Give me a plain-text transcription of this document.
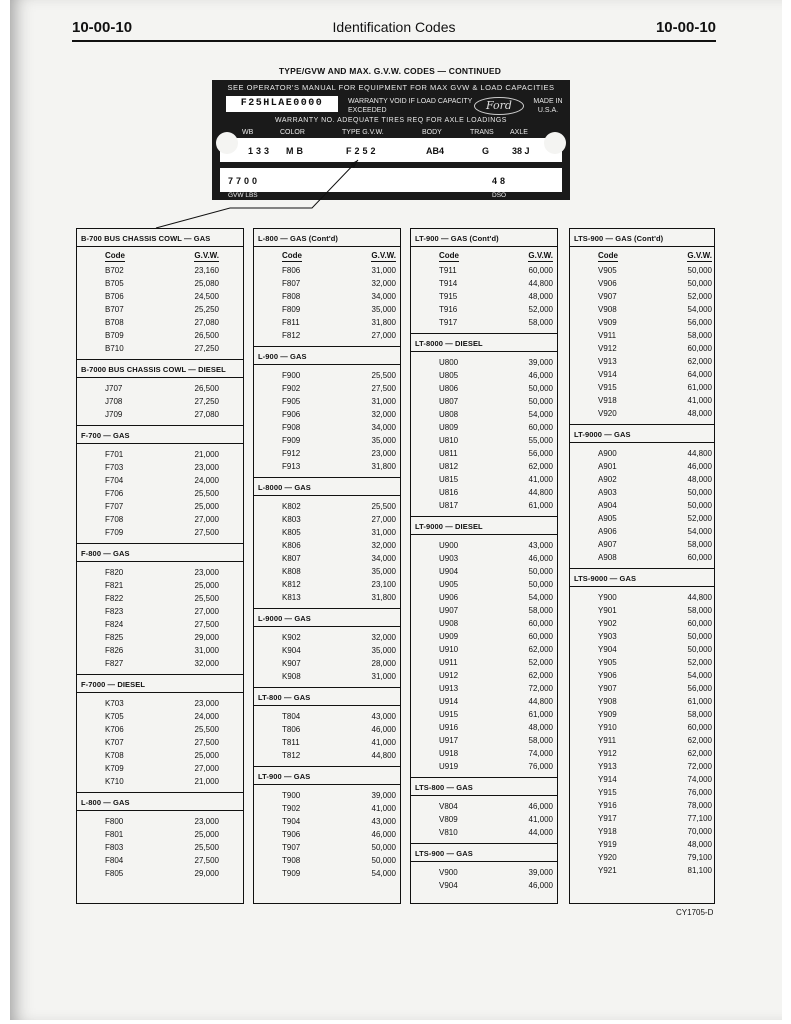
10-00-10	Identification Codes	10-00-10
TYPE/GVW AND MAX. G.V.W. CODES — CONTINUED
SEE OPERATOR'S MANUAL FOR EQUIPMENT FOR MAX GVW & LOAD CAPACITIES
F25HLAE0000	WARRANTY VOID IF LOAD CAPACITY EXCEEDED	Ford	MADE IN U.S.A.
WARRANTY NO. ADEQUATE TIRES REQ FOR AXLE LOADINGS
WB	COLOR	TYPE G.V.W.	BODY	TRANS AXLE
133 MB	F252	AB4	G	38 J
7700	48
GVW LBS	DSO
B-700 BUS CHASSIS COWL — GAS
Code	G.V.W.
B702	23,160
B705	25,080
B706	24,500
B707	25,250
B708	27,080
B709	26,500
B710	27,250
B-7000 BUS CHASSIS COWL — DIESEL
J707	26,500
J708	27,250
J709	27,080
F-700 — GAS
F701	21,000
F703	23,000
F704	24,000
F706	25,500
F707	25,000
F708	27,000
F709	27,500
F-800 — GAS
F820	23,000
F821	25,000
F822	25,500
F823	27,000
F824	27,500
F825	29,000
F826	31,000
F827	32,000
F-7000 — DIESEL
K703	23,000
K705	24,000
K706	25,500
K707	27,500
K708	25,000
K709	27,000
K710	21,000
L-800 — GAS
F800	23,000
F801	25,000
F803	25,500
F804	27,500
F805	29,000
L-800 — GAS (Cont'd)
Code	G.V.W.
F806	31,000
F807	32,000
F808	34,000
F809	35,000
F811	31,800
F812	27,000
L-900 — GAS
F900	25,500
F902	27,500
F905	31,000
F906	32,000
F908	34,000
F909	35,000
F912	23,000
F913	31,800
L-8000 — GAS
K802	25,500
K803	27,000
K805	31,000
K806	32,000
K807	34,000
K808	35,000
K812	23,100
K813	31,800
L-9000 — GAS
K902	32,000
K904	35,000
K907	28,000
K908	31,000
LT-800 — GAS
T804	43,000
T806	46,000
T811	41,000
T812	44,800
LT-900 — GAS
T900	39,000
T902	41,000
T904	43,000
T906	46,000
T907	50,000
T908	50,000
T909	54,000
LT-900 — GAS (Cont'd)
Code	G.V.W.
T911	60,000
T914	44,800
T915	48,000
T916	52,000
T917	58,000
LT-8000 — DIESEL
U800	39,000
U805	46,000
U806	50,000
U807	50,000
U808	54,000
U809	60,000
U810	55,000
U811	56,000
U812	62,000
U815	41,000
U816	44,800
U817	61,000
LT-9000 — DIESEL
U900	43,000
U903	46,000
U904	50,000
U905	50,000
U906	54,000
U907	58,000
U908	60,000
U909	60,000
U910	62,000
U911	52,000
U912	62,000
U913	72,000
U914	44,800
U915	61,000
U916	48,000
U917	58,000
U918	74,000
U919	76,000
LTS-800 — GAS
V804	46,000
V809	41,000
V810	44,000
LTS-900 — GAS
V900	39,000
V904	46,000
LTS-900 — GAS (Cont'd)
Code	G.V.W.
V905	50,000
V906	50,000
V907	52,000
V908	54,000
V909	56,000
V911	58,000
V912	60,000
V913	62,000
V914	64,000
V915	61,000
V918	41,000
V920	48,000
LT-9000 — GAS
A900	44,800
A901	46,000
A902	48,000
A903	50,000
A904	50,000
A905	52,000
A906	54,000
A907	58,000
A908	60,000
LTS-9000 — GAS
Y900	44,800
Y901	58,000
Y902	60,000
Y903	50,000
Y904	50,000
Y905	52,000
Y906	54,000
Y907	56,000
Y908	61,000
Y909	58,000
Y910	60,000
Y911	62,000
Y912	62,000
Y913	72,000
Y914	74,000
Y915	76,000
Y916	78,000
Y917	77,100
Y918	70,000
Y919	48,000
Y920	79,100
Y921	81,100
CY1705-D
